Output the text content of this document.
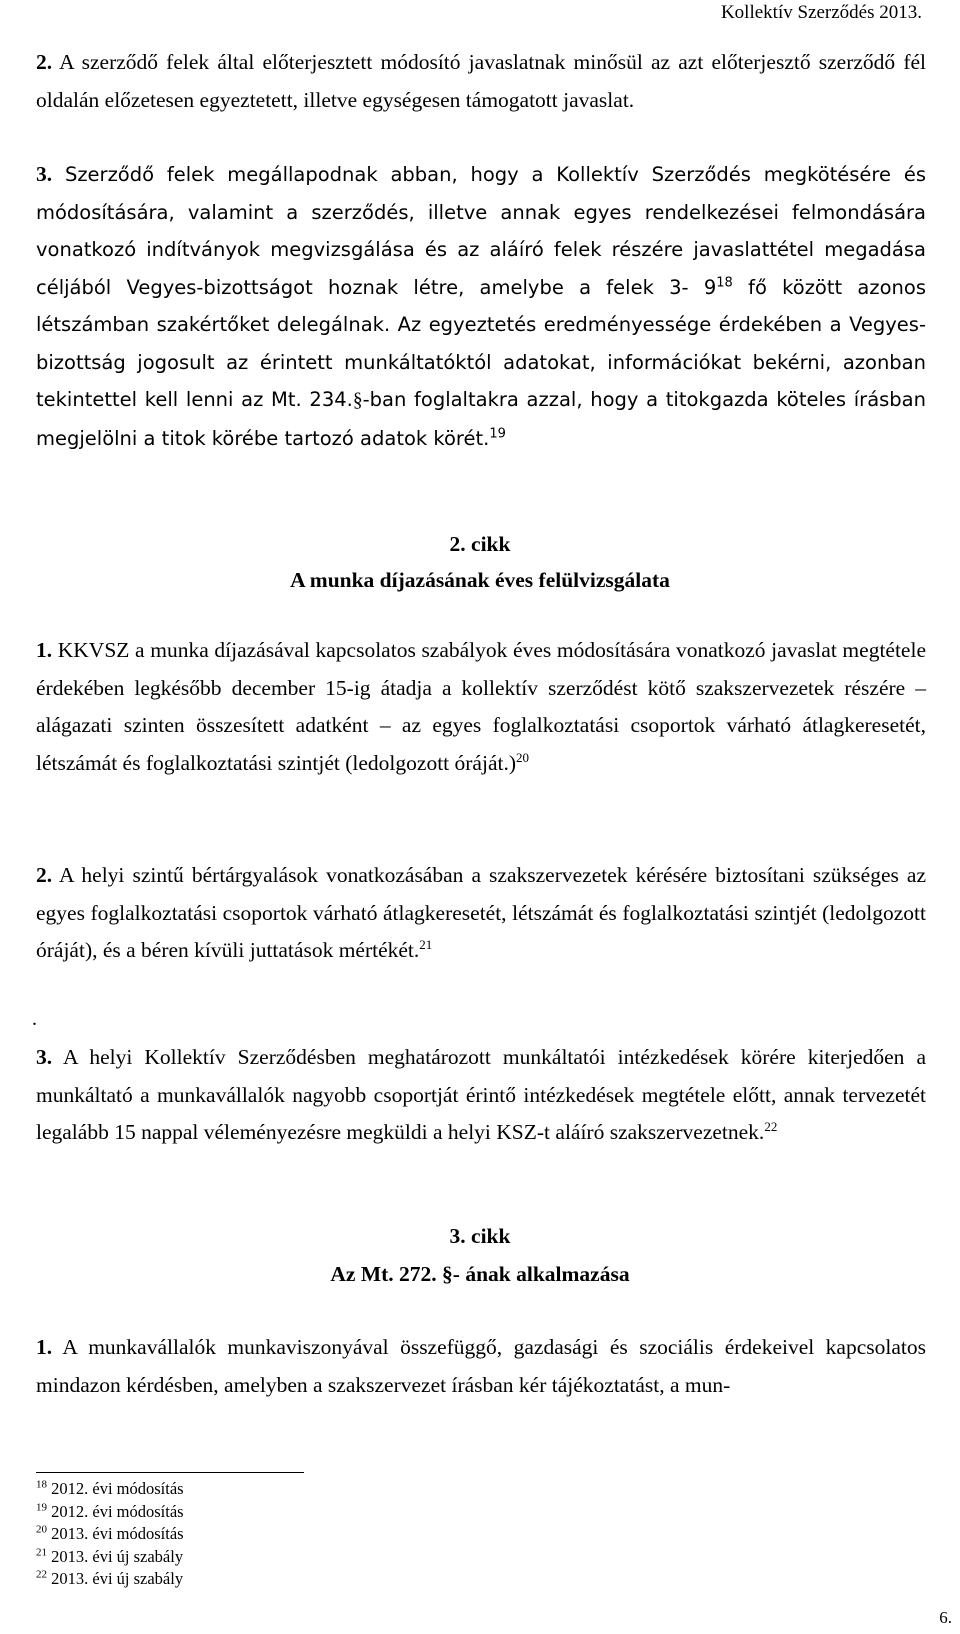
Kollektív Szerződés 2013.
2. A szerződő felek által előterjesztett módosító javaslatnak minősül az azt előterjesztő szerződő fél oldalán előzetesen egyeztetett, illetve egységesen támogatott javaslat.
3. Szerződő felek megállapodnak abban, hogy a Kollektív Szerződés megkötésére és módosítására, valamint a szerződés, illetve annak egyes rendelkezései felmondására vonatkozó indítványok megvizsgálása és az aláíró felek részére javaslattétel megadása céljából Vegyes-bizottságot hoznak létre, amelybe a felek 3- $9^{18}$ fő között azonos létszámban szakértőket delegálnak. Az egyeztetés eredményessége érdekében a Vegyes-bizottság jogosult az érintett munkáltatóktól adatokat, információkat bekérni, azonban tekintettel kell lenni az Mt. 234.§-ban foglaltakra azzal, hogy a titokgazda köteles írásban megjelölni a titok körébe tartozó adatok körét.$^{19}$
2. cikk
A munka díjazásának éves felülvizsgálata
1. KKVSZ a munka díjazásával kapcsolatos szabályok éves módosítására vonatkozó javaslat megtétele érdekében legkésőbb december 15-ig átadja a kollektív szerződést kötő szakszervezetek részére – alágazati szinten összesített adatként – az egyes foglalkoztatási csoportok várható átlagkeresetét, létszámát és foglalkoztatási szintjét (ledolgozott óráját.)$^{20}$
2. A helyi szintű bértárgyalások vonatkozásában a szakszervezetek kérésére biztosítani szükséges az egyes foglalkoztatási csoportok várható átlagkeresetét, létszámát és foglalkoztatási szintjét (ledolgozott óráját), és a béren kívüli juttatások mértékét.$^{21}$
.
3. A helyi Kollektív Szerződésben meghatározott munkáltatói intézkedések körére kiterjedően a munkáltató a munkavállalók nagyobb csoportját érintő intézkedések megtétele előtt, annak tervezetét legalább 15 nappal véleményezésre megküldi a helyi KSZ-t aláíró szakszervezetnek.$^{22}$
3. cikk
Az Mt. 272. §- ának alkalmazása
1. A munkavállalók munkaviszonyával összefüggő, gazdasági és szociális érdekeivel kapcsolatos mindazon kérdésben, amelyben a szakszervezet írásban kér tájékoztatást, a mun-
$^{18}$ 2012. évi módosítás
$^{19}$ 2012. évi módosítás
$^{20}$ 2013. évi módosítás
$^{21}$ 2013. évi új szabály
$^{22}$ 2013. évi új szabály
6.
